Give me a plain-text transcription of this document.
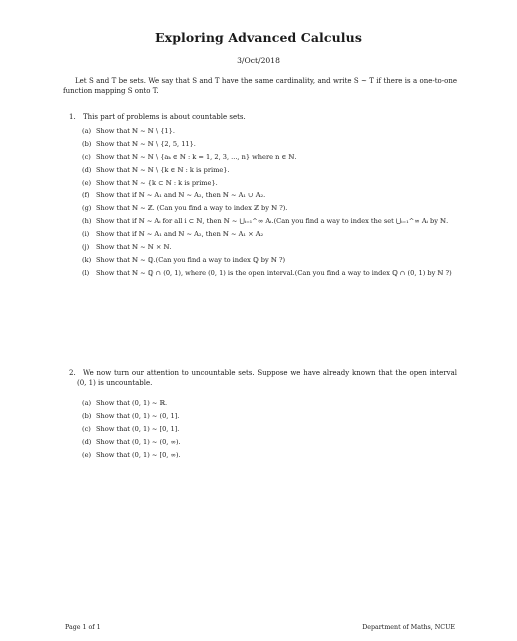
Exploring Advanced Calculus
3/Oct/2018
Let S and T be sets. We say that S and T have the same cardinality, and write S ~ T if there is a one-to-one function mapping S onto T.
1. This part of problems is about countable sets.
(a) Show that ℕ ~ ℕ \ {1}.
(b) Show that ℕ ~ ℕ \ {2, 5, 11}.
(c) Show that ℕ ~ ℕ \ {aₖ ∈ ℕ : k = 1, 2, 3, ..., n} where n ∈ ℕ.
(d) Show that ℕ ~ ℕ \ {k ∈ ℕ : k is prime}.
(e) Show that ℕ ~ {k ⊂ ℕ : k is prime}.
(f) Show that if ℕ ~ A₁ and ℕ ~ A₂, then ℕ ~ A₁ ∪ A₂.
(g) Show that ℕ ~ ℤ. (Can you find a way to index ℤ by ℕ ?).
(h) Show that if ℕ ~ Aᵢ for all i ⊂ ℕ, then ℕ ~ ⋃ᵢ₌₁^∞ Aᵢ.(Can you find a way to index the set ⋃ᵢ₌₁^∞ Aᵢ by ℕ.
(i) Show that if ℕ ~ A₁ and ℕ ~ A₂, then ℕ ~ A₁ × A₂
(j) Show that ℕ ~ ℕ × ℕ.
(k) Show that ℕ ~ ℚ.(Can you find a way to index ℚ by ℕ ?)
(l) Show that ℕ ~ ℚ ∩ (0, 1), where (0, 1) is the open interval.(Can you find a way to index ℚ ∩ (0, 1) by ℕ ?)
2. We now turn our attention to uncountable sets. Suppose we have already known that the open interval (0, 1) is uncountable.
(a) Show that (0, 1) ~ ℝ.
(b) Show that (0, 1) ~ (0, 1].
(c) Show that (0, 1) ~ [0, 1].
(d) Show that (0, 1) ~ (0, ∞).
(e) Show that (0, 1) ~ [0, ∞).
Page 1 of 1	Department of Maths, NCUE
